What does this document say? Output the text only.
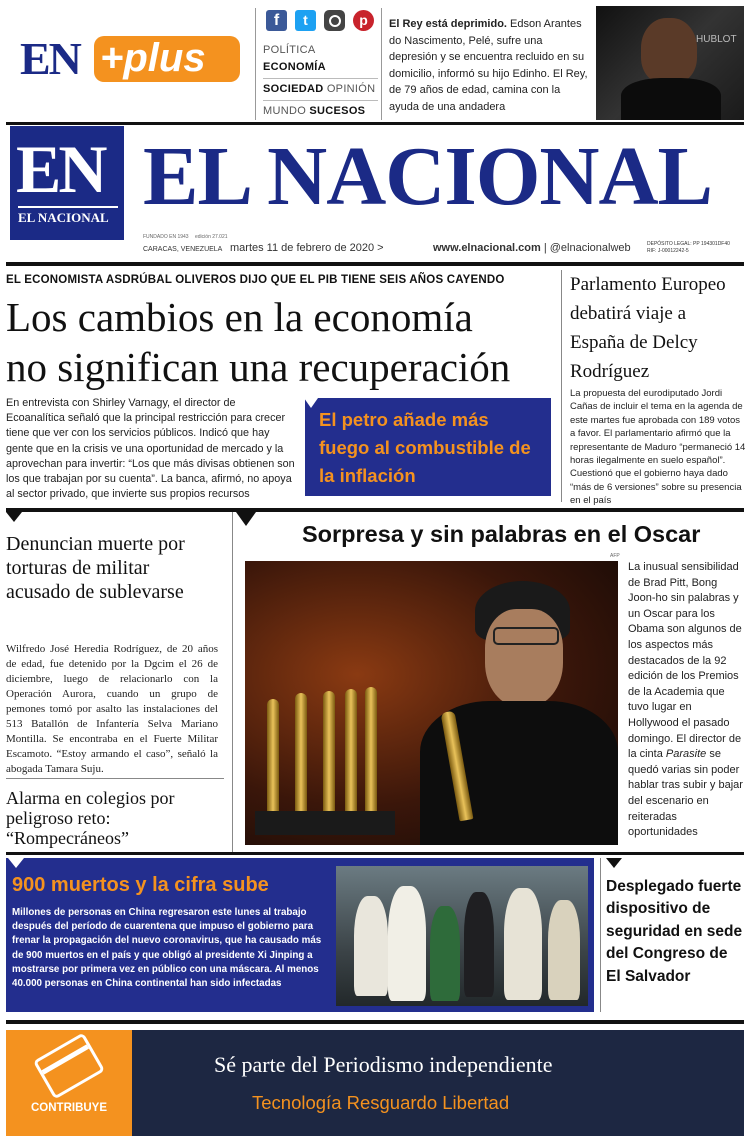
EN +plus
f	t	p
POLÍTICA ECONOMÍA
SOCIEDAD OPINIÓN
MUNDO SUCESOS
El Rey está deprimido. Edson Arantes do Nascimento, Pelé, sufre una depresión y se encuentra recluido en su domicilio, informó su hijo Edinho. El Rey, de 79 años de edad, camina con la ayuda de una andadera
HUBLOT
EN
EL NACIONAL EL NACIONAL
FUNDADO EN 1943 edición 27.021
CARACAS, VENEZUELA martes 11 de febrero de 2020 >	www.elnacional.com | @elnacionalweb	DEPÓSITO LEGAL: PP 194301DF40
RIF: J-00012242-5
EL ECONOMISTA ASDRÚBAL OLIVEROS DIJO QUE EL PIB TIENE SEIS AÑOS CAYENDO
Los cambios en la economía
no significan una recuperación
En entrevista con Shirley Varnagy, el director de Ecoanalítica señaló que la principal restricción para crecer tiene que ver con los servicios públicos. Indicó que hay gente que en la crisis ve una oportunidad de mercado y la aprovechan para invertir: “Los que más divisas obtienen son los que trabajan por su cuenta”. La banca, afirmó, no apoya al sector privado, que invierte sus propios recursos
El petro añade más fuego al combustible de la inflación
Parlamento Europeo debatirá viaje a España de Delcy Rodríguez
La propuesta del eurodiputado Jordi Cañas de incluir el tema en la agenda de este martes fue aprobada con 189 votos a favor. El parlamentario afirmó que la representante de Maduro “permaneció 14 horas ilegalmente en suelo español”. Cuestionó que el gobierno haya dado “más de 6 versiones” sobre su presencia en el país
Denuncian muerte por torturas de militar acusado de sublevarse
Wilfredo José Heredia Rodríguez, de 20 años de edad, fue detenido por la Dgcim el 26 de diciembre, luego de relacionarlo con la Operación Aurora, cuando un grupo de pemones tomó por asalto las instalaciones del 513 Batallón de Infantería Selva Mariano Montilla. Se encontraba en el Fuerte Militar Escamoto. “Estoy armando el caso”, señaló la abogada Tamara Suju.
Alarma en colegios por peligroso reto: “Rompecráneos”
Sorpresa y sin palabras en el Oscar
AFP
La inusual sensibilidad de Brad Pitt, Bong Joon-ho sin palabras y un Oscar para los Obama son algunos de los aspectos más destacados de la 92 edición de los Premios de la Academia que tuvo lugar en Hollywood el pasado domingo. El director de la cinta Parasite se quedó varias sin poder hablar tras subir y bajar del escenario en reiteradas oportunidades
900 muertos y la cifra sube
Millones de personas en China regresaron este lunes al trabajo después del período de cuarentena que impuso el gobierno para frenar la propagación del nuevo coronavirus, que ha causado más de 900 muertos en el país y que obligó al presidente Xi Jinping a mostrarse por primera vez en público con una máscara. Al menos 40.000 personas en China continental han sido infectadas
Desplegado fuerte dispositivo de seguridad en sede del Congreso de El Salvador
CONTRIBUYE
Sé parte del Periodismo independiente
Tecnología Resguardo Libertad
